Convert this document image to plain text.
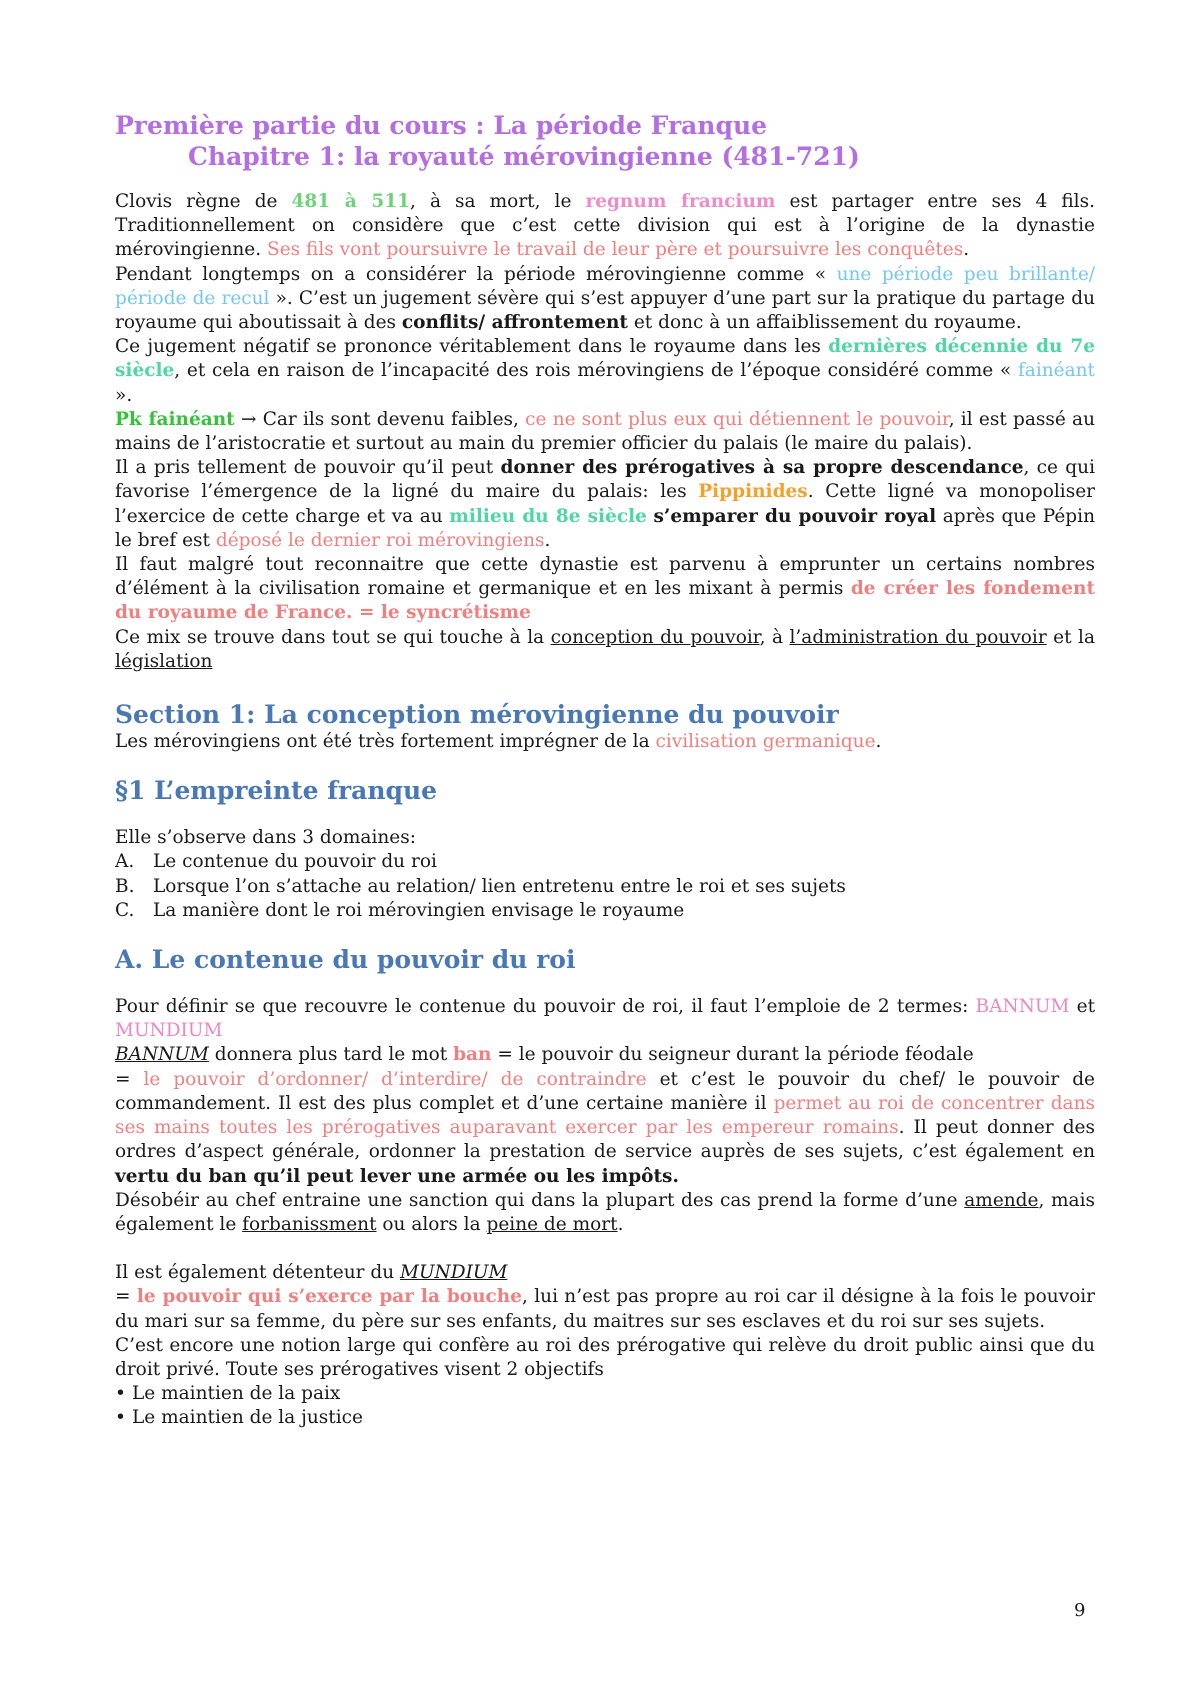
Première partie du cours : La période Franque

Chapitre 1: la royauté mérovingienne (481-721)

Clovis règne de 481 à 511, à sa mort, le regnum francium est partager entre ses 4 fils. Traditionnellement on considère que c’est cette division qui est à l’origine de la dynastie mérovingienne. Ses fils vont poursuivre le travail de leur père et poursuivre les conquêtes.

Pendant longtemps on a considérer la période mérovingienne comme « une période peu brillante/ période de recul ». C’est un jugement sévère qui s’est appuyer d’une part sur la pratique du partage du royaume qui aboutissait à des conflits/ affrontement et donc à un affaiblissement du royaume.

Ce jugement négatif se prononce véritablement dans le royaume dans les dernières décennie du 7e siècle, et cela en raison de l’incapacité des rois mérovingiens de l’époque considéré comme « fainéant ».

Pk fainéant → Car ils sont devenu faibles, ce ne sont plus eux qui détiennent le pouvoir, il est passé au mains de l’aristocratie et surtout au main du premier officier du palais (le maire du palais).

Il a pris tellement de pouvoir qu’il peut donner des prérogatives à sa propre descendance, ce qui favorise l’émergence de la ligné du maire du palais: les Pippinides. Cette ligné va monopoliser l’exercice de cette charge et va au milieu du 8e siècle s’emparer du pouvoir royal après que Pépin le bref est déposé le dernier roi mérovingiens.

Il faut malgré tout reconnaitre que cette dynastie est parvenu à emprunter un certains nombres d’élément à la civilisation romaine et germanique et en les mixant à permis de créer les fondement du royaume de France. = le syncrétisme

Ce mix se trouve dans tout se qui touche à la conception du pouvoir, à l’administration du pouvoir et la législation

Section 1: La conception mérovingienne du pouvoir

Les mérovingiens ont été très fortement imprégner de la civilisation germanique.

§1 L’empreinte franque

Elle s’observe dans 3 domaines:

A.	Le contenue du pouvoir du roi
B.	Lorsque l’on s’attache au relation/ lien entretenu entre le roi et ses sujets
C.	La manière dont le roi mérovingien envisage le royaume

A. Le contenue du pouvoir du roi

Pour définir se que recouvre le contenue du pouvoir de roi, il faut l’emploie de 2 termes: BANNUM et MUNDIUM

BANNUM donnera plus tard le mot ban = le pouvoir du seigneur durant la période féodale

= le pouvoir d’ordonner/ d’interdire/ de contraindre et c’est le pouvoir du chef/ le pouvoir de commandement. Il est des plus complet et d’une certaine manière il permet au roi de concentrer dans ses mains toutes les prérogatives auparavant exercer par les empereur romains. Il peut donner des ordres d’aspect générale, ordonner la prestation de service auprès de ses sujets, c’est également en vertu du ban qu’il peut lever une armée ou les impôts.

Désobéir au chef entraine une sanction qui dans la plupart des cas prend la forme d’une amende, mais également le forbanissment ou alors la peine de mort.

Il est également détenteur du MUNDIUM

= le pouvoir qui s’exerce par la bouche, lui n’est pas propre au roi car il désigne à la fois le pouvoir du mari sur sa femme, du père sur ses enfants, du maitres sur ses esclaves et du roi sur ses sujets.

C’est encore une notion large qui confère au roi des prérogative qui relève du droit public ainsi que du droit privé. Toute ses prérogatives visent 2 objectifs

• Le maintien de la paix
• Le maintien de la justice
9
